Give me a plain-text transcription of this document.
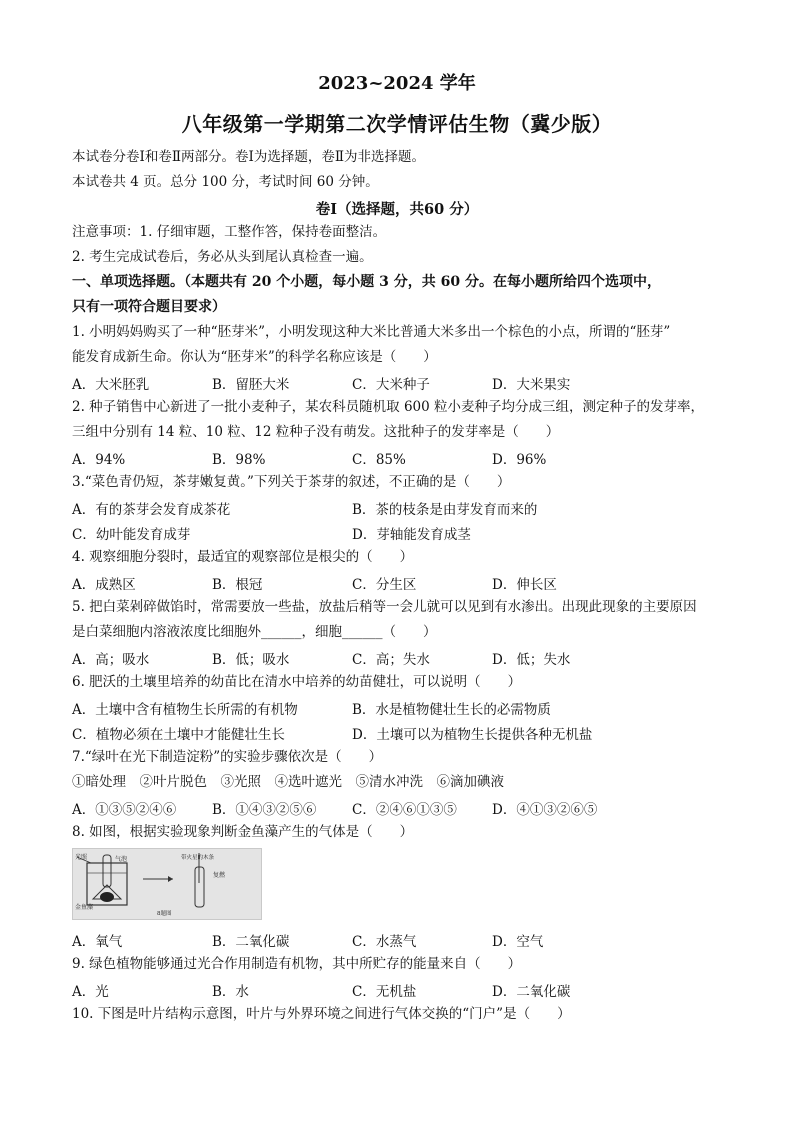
2023~2024 学年
八年级第一学期第二次学情评估生物（冀少版）
本试卷分卷Ⅰ和卷Ⅱ两部分。卷Ⅰ为选择题，卷Ⅱ为非选择题。
本试卷共 4 页。总分 100 分，考试时间 60 分钟。
卷Ⅰ（选择题，共60 分）
注意事项：1. 仔细审题，工整作答，保持卷面整洁。
2. 考生完成试卷后，务必从头到尾认真检查一遍。
一、单项选择题。（本题共有 20 个小题，每小题 3 分，共 60 分。在每小题所给四个选项中，
只有一项符合题目要求）
1. 小明妈妈购买了一种“胚芽米”，小明发现这种大米比普通大米多出一个棕色的小点，所谓的“胚芽”
能发育成新生命。你认为“胚芽米”的科学名称应该是（　　）
A．大米胚乳	B．留胚大米	C．大米种子	D．大米果实
2. 种子销售中心新进了一批小麦种子，某农科员随机取 600 粒小麦种子均分成三组，测定种子的发芽率，
三组中分别有 14 粒、10 粒、12 粒种子没有萌发。这批种子的发芽率是（　　）
A．94%	B．98%	C．85%	D．96%
3.“菜色青仍短，茶芽嫩复黄。”下列关于茶芽的叙述，不正确的是（　　）
A．有的茶芽会发育成茶花	B．茶的枝条是由芽发育而来的
C．幼叶能发育成芽	D．芽轴能发育成茎
4. 观察细胞分裂时，最适宜的观察部位是根尖的（　　）
A．成熟区	B．根冠	C．分生区	D．伸长区
5. 把白菜剁碎做馅时，常需要放一些盐，放盐后稍等一会儿就可以见到有水渗出。出现此现象的主要原因
是白菜细胞内溶液浓度比细胞外______，细胞______（　　）
A．高；吸水	B．低；吸水	C．高；失水	D．低；失水
6. 肥沃的土壤里培养的幼苗比在清水中培养的幼苗健壮，可以说明（　　）
A．土壤中含有植物生长所需的有机物	B．水是植物健壮生长的必需物质
C．植物必须在土壤中才能健壮生长	D．土壤可以为植物生长提供各种无机盐
7.“绿叶在光下制造淀粉”的实验步骤依次是（　　）
①暗处理　②叶片脱色　③光照　④选叶遮光　⑤清水冲洗　⑥滴加碘液
A．①③⑤②④⑥	B．①④③②⑤⑥	C．②④⑥①③⑤	D．④①③②⑥⑤
8. 如图，根据实验现象判断金鱼藻产生的气体是（　　）
光照	气泡
金鱼藻
带火星的木条
复燃
8题图
A．氧气	B．二氧化碳	C．水蒸气	D．空气
9. 绿色植物能够通过光合作用制造有机物，其中所贮存的能量来自（　　）
A．光	B．水	C．无机盐	D．二氧化碳
10. 下图是叶片结构示意图，叶片与外界环境之间进行气体交换的“门户”是（　　）
